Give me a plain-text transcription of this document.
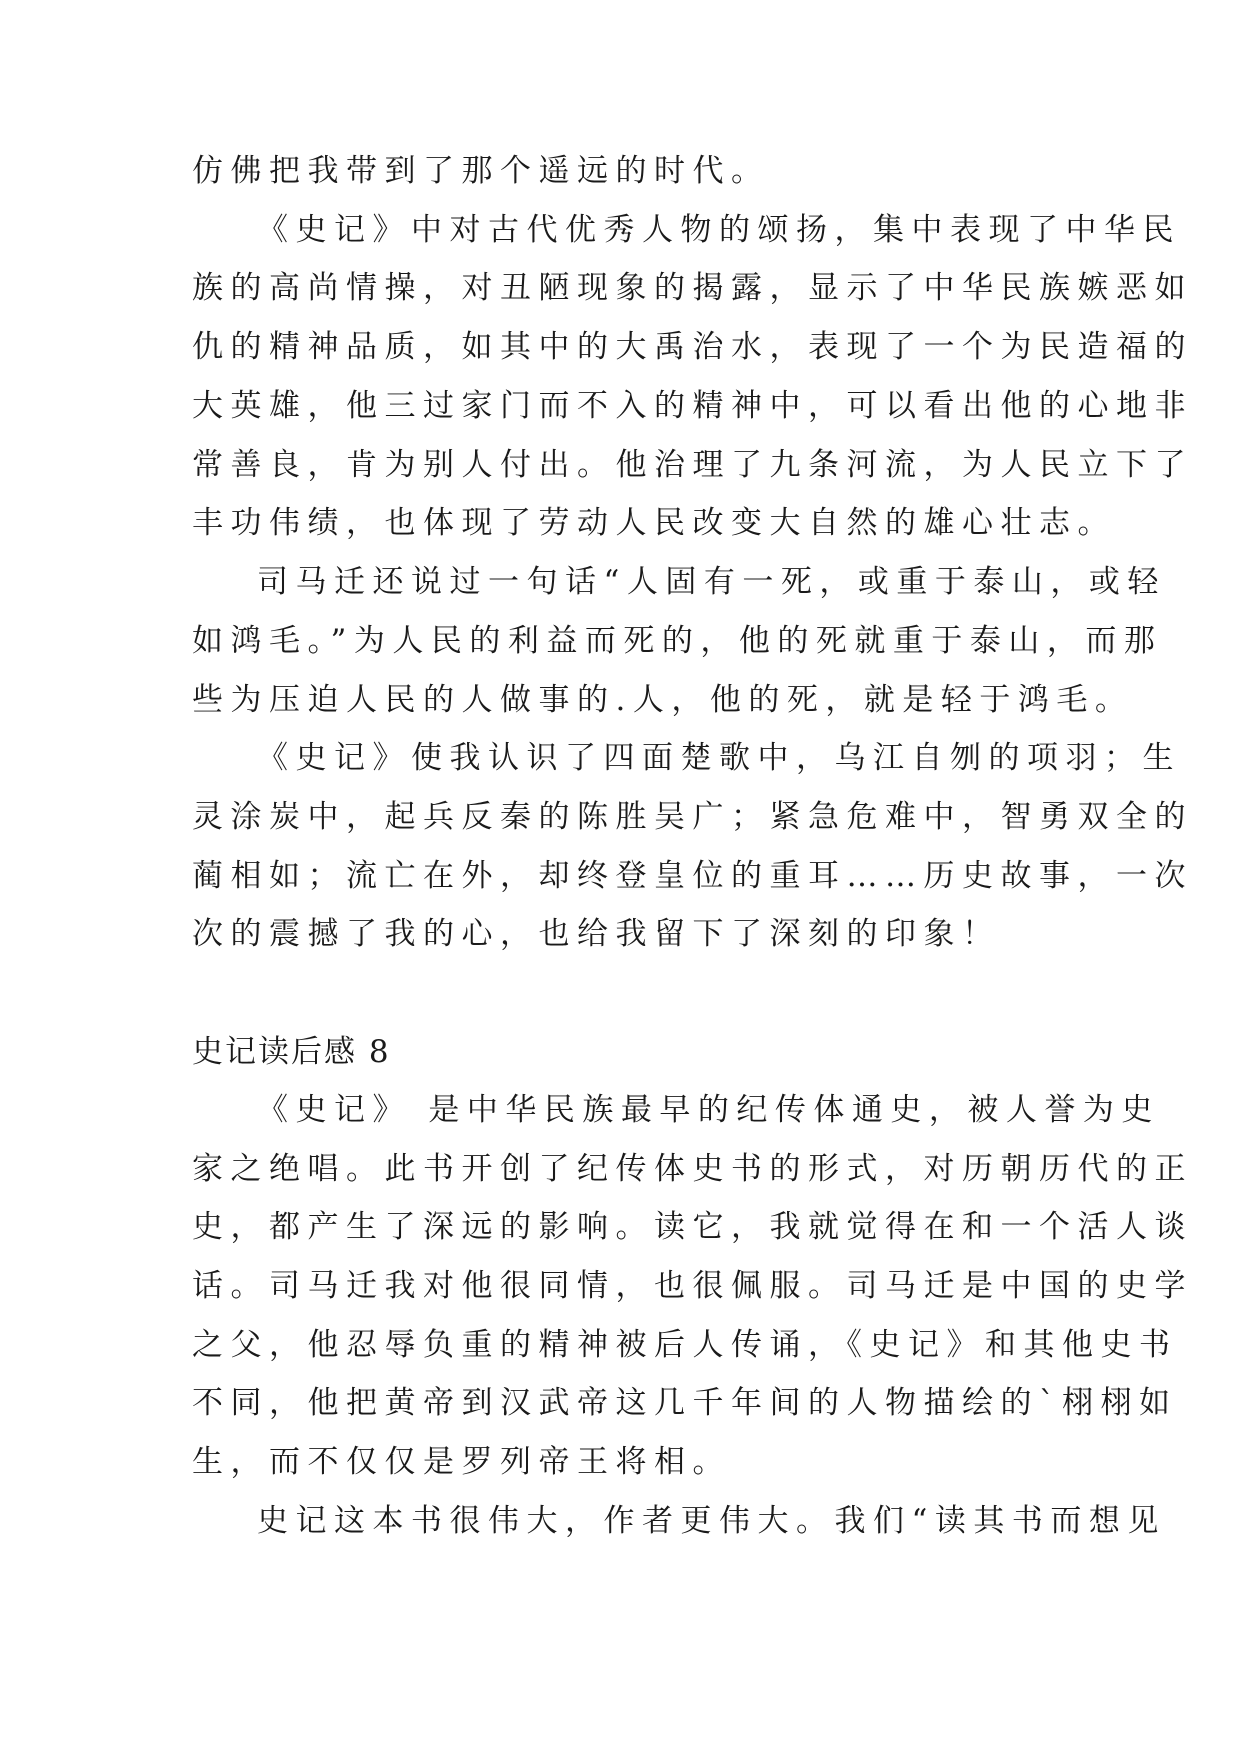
仿佛把我带到了那个遥远的时代。
《史记》中对古代优秀人物的颂扬，集中表现了中华民
族的高尚情操，对丑陋现象的揭露，显示了中华民族嫉恶如
仇的精神品质，如其中的大禹治水，表现了一个为民造福的
大英雄，他三过家门而不入的精神中，可以看出他的心地非
常善良，肯为别人付出。他治理了九条河流，为人民立下了
丰功伟绩，也体现了劳动人民改变大自然的雄心壮志。
司马迁还说过一句话“人固有一死，或重于泰山，或轻
如鸿毛。”为人民的利益而死的，他的死就重于泰山，而那
些为压迫人民的人做事的.人，他的死，就是轻于鸿毛。
《史记》使我认识了四面楚歌中，乌江自刎的项羽；生
灵涂炭中，起兵反秦的陈胜吴广；紧急危难中，智勇双全的
蔺相如；流亡在外，却终登皇位的重耳……历史故事，一次
次的震撼了我的心，也给我留下了深刻的印象！
史记读后感 8
《史记》 是中华民族最早的纪传体通史，被人誉为史
家之绝唱。此书开创了纪传体史书的形式，对历朝历代的正
史，都产生了深远的影响。读它，我就觉得在和一个活人谈
话。司马迁我对他很同情，也很佩服。司马迁是中国的史学
之父，他忍辱负重的精神被后人传诵，《史记》和其他史书
不同，他把黄帝到汉武帝这几千年间的人物描绘的`栩栩如
生，而不仅仅是罗列帝王将相。
史记这本书很伟大，作者更伟大。我们“读其书而想见
